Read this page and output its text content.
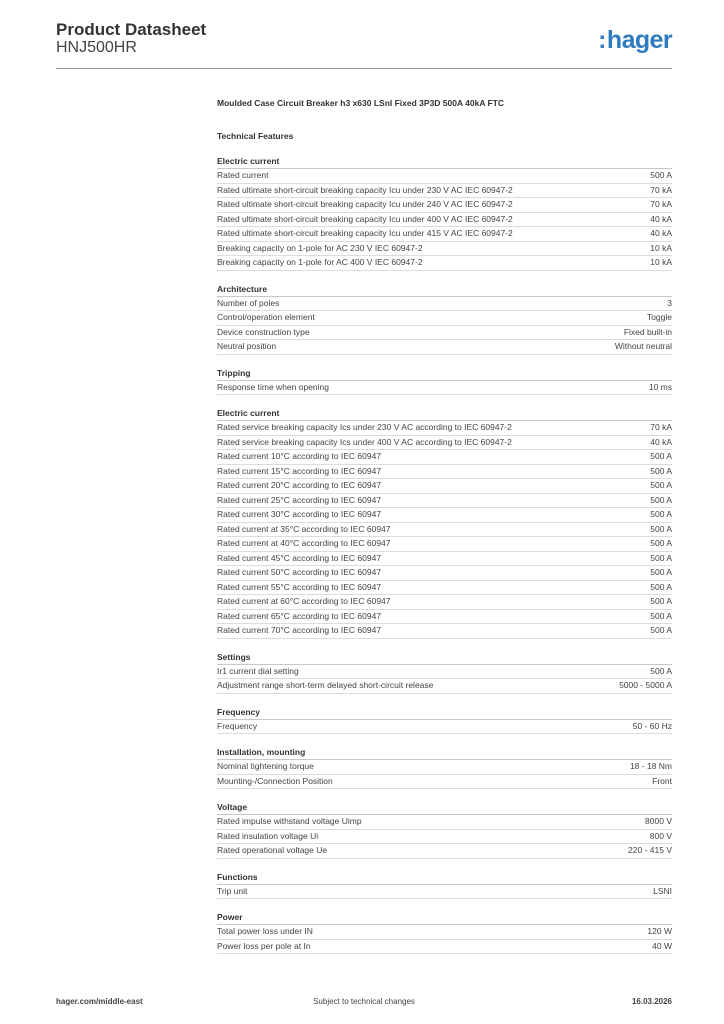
Product Datasheet
HNJ500HR	:hager
Moulded Case Circuit Breaker h3 x630 LSnI Fixed 3P3D 500A 40kA FTC
Technical Features
Electric current
Rated current	500 A
Rated ultimate short-circuit breaking capacity Icu under 230 V AC IEC 60947-2	70 kA
Rated ultimate short-circuit breaking capacity Icu under 240 V AC IEC 60947-2	70 kA
Rated ultimate short-circuit breaking capacity Icu under 400 V AC IEC 60947-2	40 kA
Rated ultimate short-circuit breaking capacity Icu under 415 V AC IEC 60947-2	40 kA
Breaking capacity on 1-pole for AC 230 V IEC 60947-2	10 kA
Breaking capacity on 1-pole for AC 400 V IEC 60947-2	10 kA
Architecture
Number of poles	3
Control/operation element	Toggle
Device construction type	Fixed built-in
Neutral position	Without neutral
Tripping
Response time when opening	10 ms
Electric current
Rated service breaking capacity Ics under 230 V AC according to IEC 60947-2	70 kA
Rated service breaking capacity Ics under 400 V AC according to IEC 60947-2	40 kA
Rated current 10°C according to IEC 60947	500 A
Rated current 15°C according to IEC 60947	500 A
Rated current 20°C according to IEC 60947	500 A
Rated current 25°C according to IEC 60947	500 A
Rated current 30°C according to IEC 60947	500 A
Rated current at 35°C according to IEC 60947	500 A
Rated current at 40°C according to IEC 60947	500 A
Rated current 45°C according to IEC 60947	500 A
Rated current 50°C according to IEC 60947	500 A
Rated current 55°C according to IEC 60947	500 A
Rated current at 60°C according to IEC 60947	500 A
Rated current 65°C according to IEC 60947	500 A
Rated current 70°C according to IEC 60947	500 A
Settings
Ir1 current dial setting	500 A
Adjustment range short-term delayed short-circuit release	5000 - 5000 A
Frequency
Frequency	50 - 60 Hz
Installation, mounting
Nominal tightening torque	18 - 18 Nm
Mounting-/Connection Position	Front
Voltage
Rated impulse withstand voltage Uimp	8000 V
Rated insulation voltage Ui	800 V
Rated operational voltage Ue	220 - 415 V
Functions
Trip unit	LSNI
Power
Total power loss under IN	120 W
Power loss per pole at In	40 W
hager.com/middle-east	Subject to technical changes	16.03.2026
